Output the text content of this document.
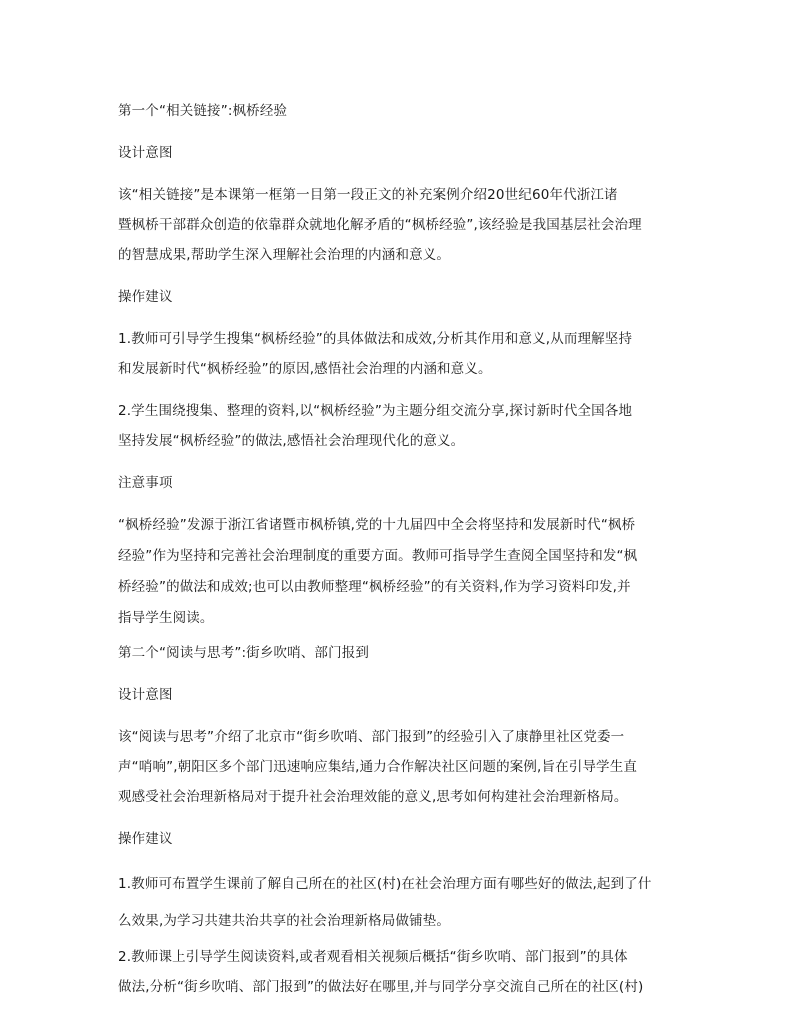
第一个“相关链接”:枫桥经验
设计意图
该“相关链接”是本课第一框第一目第一段正文的补充案例介绍20世纪60年代浙江诸
暨枫桥干部群众创造的依靠群众就地化解矛盾的“枫桥经验”,该经验是我国基层社会治理
的智慧成果,帮助学生深入理解社会治理的内涵和意义。
操作建议
1.教师可引导学生搜集“枫桥经验”的具体做法和成效,分析其作用和意义,从而理解坚持
和发展新时代“枫桥经验”的原因,感悟社会治理的内涵和意义。
2.学生围绕搜集、整理的资料,以“枫桥经验”为主题分组交流分享,探讨新时代全国各地
坚持发展“枫桥经验”的做法,感悟社会治理现代化的意义。
注意事项
“枫桥经验”发源于浙江省诸暨市枫桥镇,党的十九届四中全会将坚持和发展新时代“枫桥
经验”作为坚持和完善社会治理制度的重要方面。教师可指导学生查阅全国坚持和发“枫
桥经验”的做法和成效;也可以由教师整理“枫桥经验”的有关资料,作为学习资料印发,并
指导学生阅读。
第二个“阅读与思考”:街乡吹哨、部门报到
设计意图
该“阅读与思考”介绍了北京市“街乡吹哨、部门报到”的经验引入了康静里社区党委一
声“哨响”,朝阳区多个部门迅速响应集结,通力合作解决社区问题的案例,旨在引导学生直
观感受社会治理新格局对于提升社会治理效能的意义,思考如何构建社会治理新格局。
操作建议
1.教师可布置学生课前了解自己所在的社区(村)在社会治理方面有哪些好的做法,起到了什
么效果,为学习共建共治共享的社会治理新格局做铺垫。
2.教师课上引导学生阅读资料,或者观看相关视频后概括“街乡吹哨、部门报到”的具体
做法,分析“街乡吹哨、部门报到”的做法好在哪里,并与同学分享交流自己所在的社区(村)
